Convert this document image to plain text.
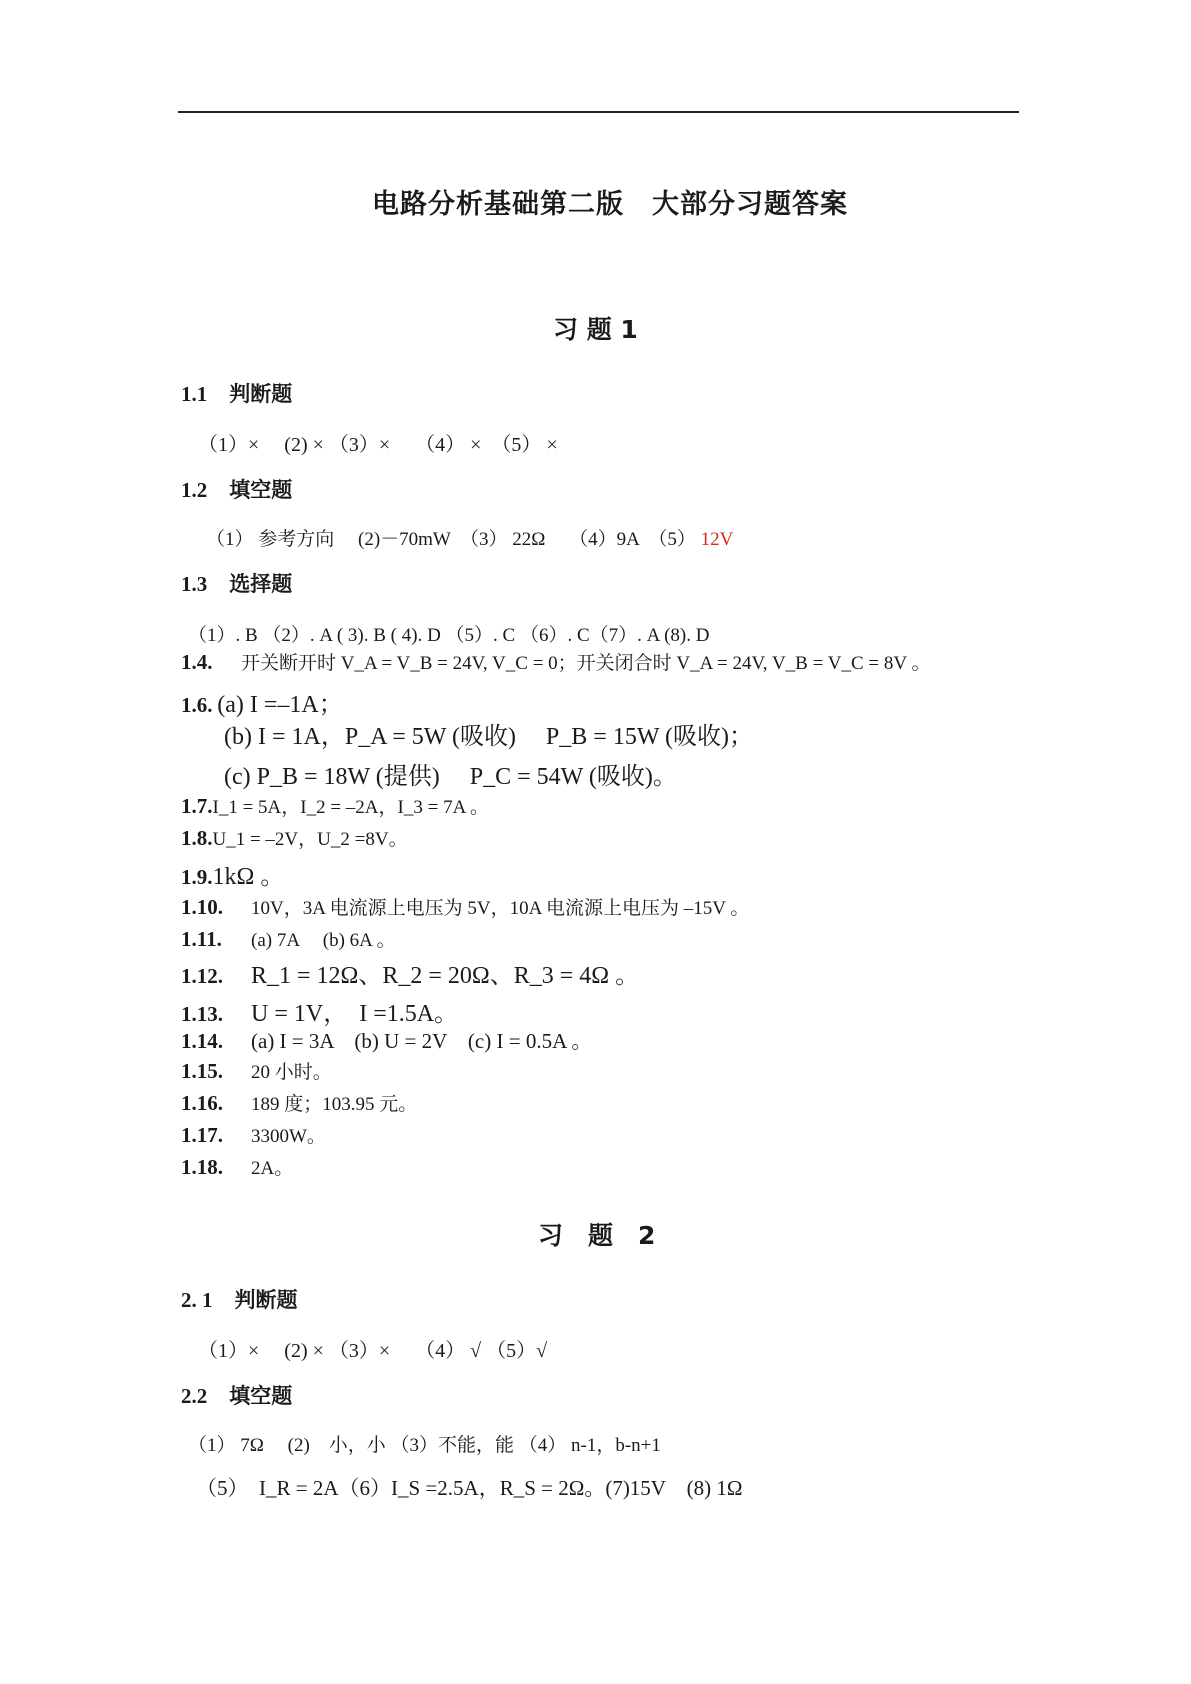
电路分析基础第二版　大部分习题答案
习 题 1
1.1 判断题
（1）×　 (2) × （3）×　 （4） ×　（5） ×
1.2 填空题
（1） 参考方向　 (2)－70mW　（3） 22Ω　 （4）9A　（5） 12V
1.3 选择题
（1）. B （2）. A ( 3). B ( 4). D （5）. C （6）. C（7）. A (8). D
1.4. 开关断开时 V_A = V_B = 24V, V_C = 0；开关闭合时 V_A = 24V, V_B = V_C = 8V 。
1.6. (a) I =–1A；
(b) I = 1A，P_A = 5W (吸收)　 P_B = 15W (吸收)；
(c) P_B = 18W (提供)　 P_C = 54W (吸收)。
1.7.I_1 = 5A，I_2 = –2A，I_3 = 7A 。
1.8.U_1 = –2V，U_2 =8V。
1.9.1kΩ 。
1.10. 10V，3A 电流源上电压为 5V，10A 电流源上电压为 –15V 。
1.11. (a) 7A　 (b) 6A 。
1.12. R_1 = 12Ω、R_2 = 20Ω、R_3 = 4Ω 。
1.13. U = 1V，　I =1.5A。
1.14. (a) I = 3A　(b) U = 2V　(c) I = 0.5A 。
1.15. 20 小时。
1.16. 189 度；103.95 元。
1.17. 3300W。
1.18. 2A。
习　题　2
2. 1 判断题
（1）×　 (2) × （3）×　 （4） √ （5）√
2.2 填空题
（1） 7Ω　 (2)　小，小 （3）不能，能 （4） n-1，b-n+1
（5）　I_R = 2A（6）I_S =2.5A，R_S = 2Ω。(7)15V　(8) 1Ω
